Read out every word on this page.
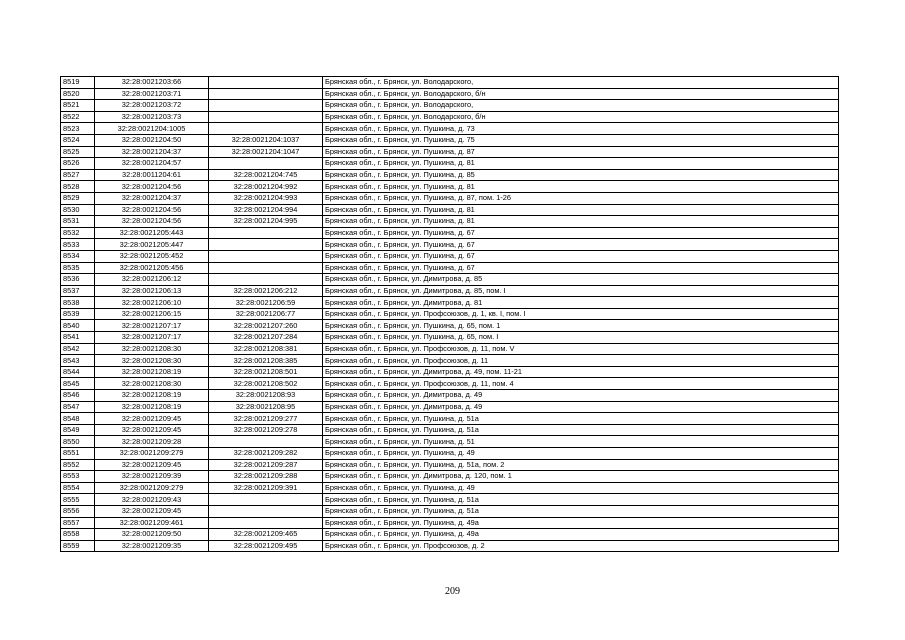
8519	32:28:0021203:66		Брянская обл., г. Брянск, ул. Володарского,
8520	32:28:0021203:71		Брянская обл., г. Брянск, ул. Володарского, б/н
8521	32:28:0021203:72		Брянская обл., г. Брянск, ул. Володарского,
8522	32:28:0021203:73		Брянская обл., г. Брянск, ул. Володарского, б/н
8523	32:28:0021204:1005		Брянская обл., г. Брянск, ул. Пушкина, д. 73
8524	32:28:0021204:50	32:28:0021204:1037	Брянская обл., г. Брянск, ул. Пушкина, д. 75
8525	32:28:0021204:37	32:28:0021204:1047	Брянская обл., г. Брянск, ул. Пушкина, д. 87
8526	32:28:0021204:57		Брянская обл., г. Брянск, ул. Пушкина, д. 81
8527	32:28:0011204:61	32:28:0021204:745	Брянская обл., г. Брянск, ул. Пушкина, д. 85
8528	32:28:0021204:56	32:28:0021204:992	Брянская обл., г. Брянск, ул. Пушкина, д. 81
8529	32:28:0021204:37	32:28:0021204:993	Брянская обл., г. Брянск, ул. Пушкина, д. 87, пом. 1-26
8530	32:28:0021204:56	32:28:0021204:994	Брянская обл., г. Брянск, ул. Пушкина, д. 81
8531	32:28:0021204:56	32:28:0021204:995	Брянская обл., г. Брянск, ул. Пушкина, д. 81
8532	32:28:0021205:443		Брянская обл., г. Брянск, ул. Пушкина, д. 67
8533	32:28:0021205:447		Брянская обл., г. Брянск, ул. Пушкина, д. 67
8534	32:28:0021205:452		Брянская обл., г. Брянск, ул. Пушкина, д. 67
8535	32:28:0021205:456		Брянская обл., г. Брянск, ул. Пушкина, д. 67
8536	32:28:0021206:12		Брянская обл., г. Брянск, ул. Димитрова, д. 85
8537	32:28:0021206:13	32:28:0021206:212	Брянская обл., г. Брянск, ул. Димитрова, д. 85, пом. I
8538	32:28:0021206:10	32:28:0021206:59	Брянская обл., г. Брянск, ул. Димитрова, д. 81
8539	32:28:0021206:15	32:28:0021206:77	Брянская обл., г. Брянск, ул. Профсоюзов, д. 1, кв. I, пом. I
8540	32:28:0021207:17	32:28:0021207:260	Брянская обл., г. Брянск, ул. Пушкина, д. 65, пом. 1
8541	32:28:0021207:17	32:28:0021207:284	Брянская обл., г. Брянск, ул. Пушкина, д. 65, пом. I
8542	32:28:0021208:30	32:28:0021208:381	Брянская обл., г. Брянск, ул. Профсоюзов, д. 11, пом. V
8543	32:28:0021208:30	32:28:0021208:385	Брянская обл., г. Брянск, ул. Профсоюзов, д. 11
8544	32:28:0021208:19	32:28:0021208:501	Брянская обл., г. Брянск, ул. Димитрова, д. 49, пом. 11-21
8545	32:28:0021208:30	32:28:0021208:502	Брянская обл., г. Брянск, ул. Профсоюзов, д. 11, пом. 4
8546	32:28:0021208:19	32:28:0021208:93	Брянская обл., г. Брянск, ул. Димитрова, д. 49
8547	32:28:0021208:19	32:28:0021208:95	Брянская обл., г. Брянск, ул. Димитрова, д. 49
8548	32:28:0021209:45	32:28:0021209:277	Брянская обл., г. Брянск, ул. Пушкина, д. 51а
8549	32:28:0021209:45	32:28:0021209:278	Брянская обл., г. Брянск, ул. Пушкина, д. 51а
8550	32:28:0021209:28		Брянская обл., г. Брянск, ул. Пушкина, д. 51
8551	32:28:0021209:279	32:28:0021209:282	Брянская обл., г. Брянск, ул. Пушкина, д. 49
8552	32:28:0021209:45	32:28:0021209:287	Брянская обл., г. Брянск, ул. Пушкина, д. 51а, пом. 2
8553	32:28:0021209:39	32:28:0021209:288	Брянская обл., г. Брянск, ул. Димитрова, д. 120, пом. 1
8554	32:28:0021209:279	32:28:0021209:391	Брянская обл., г. Брянск, ул. Пушкина, д. 49
8555	32:28:0021209:43		Брянская обл., г. Брянск, ул. Пушкина, д. 51а
8556	32:28:0021209:45		Брянская обл., г. Брянск, ул. Пушкина, д. 51а
8557	32:28:0021209:461		Брянская обл., г. Брянск, ул. Пушкина, д. 49а
8558	32:28:0021209:50	32:28:0021209:465	Брянская обл., г. Брянск, ул. Пушкина, д. 49а
8559	32:28:0021209:35	32:28:0021209:495	Брянская обл., г. Брянск, ул. Профсоюзов, д. 2
209
